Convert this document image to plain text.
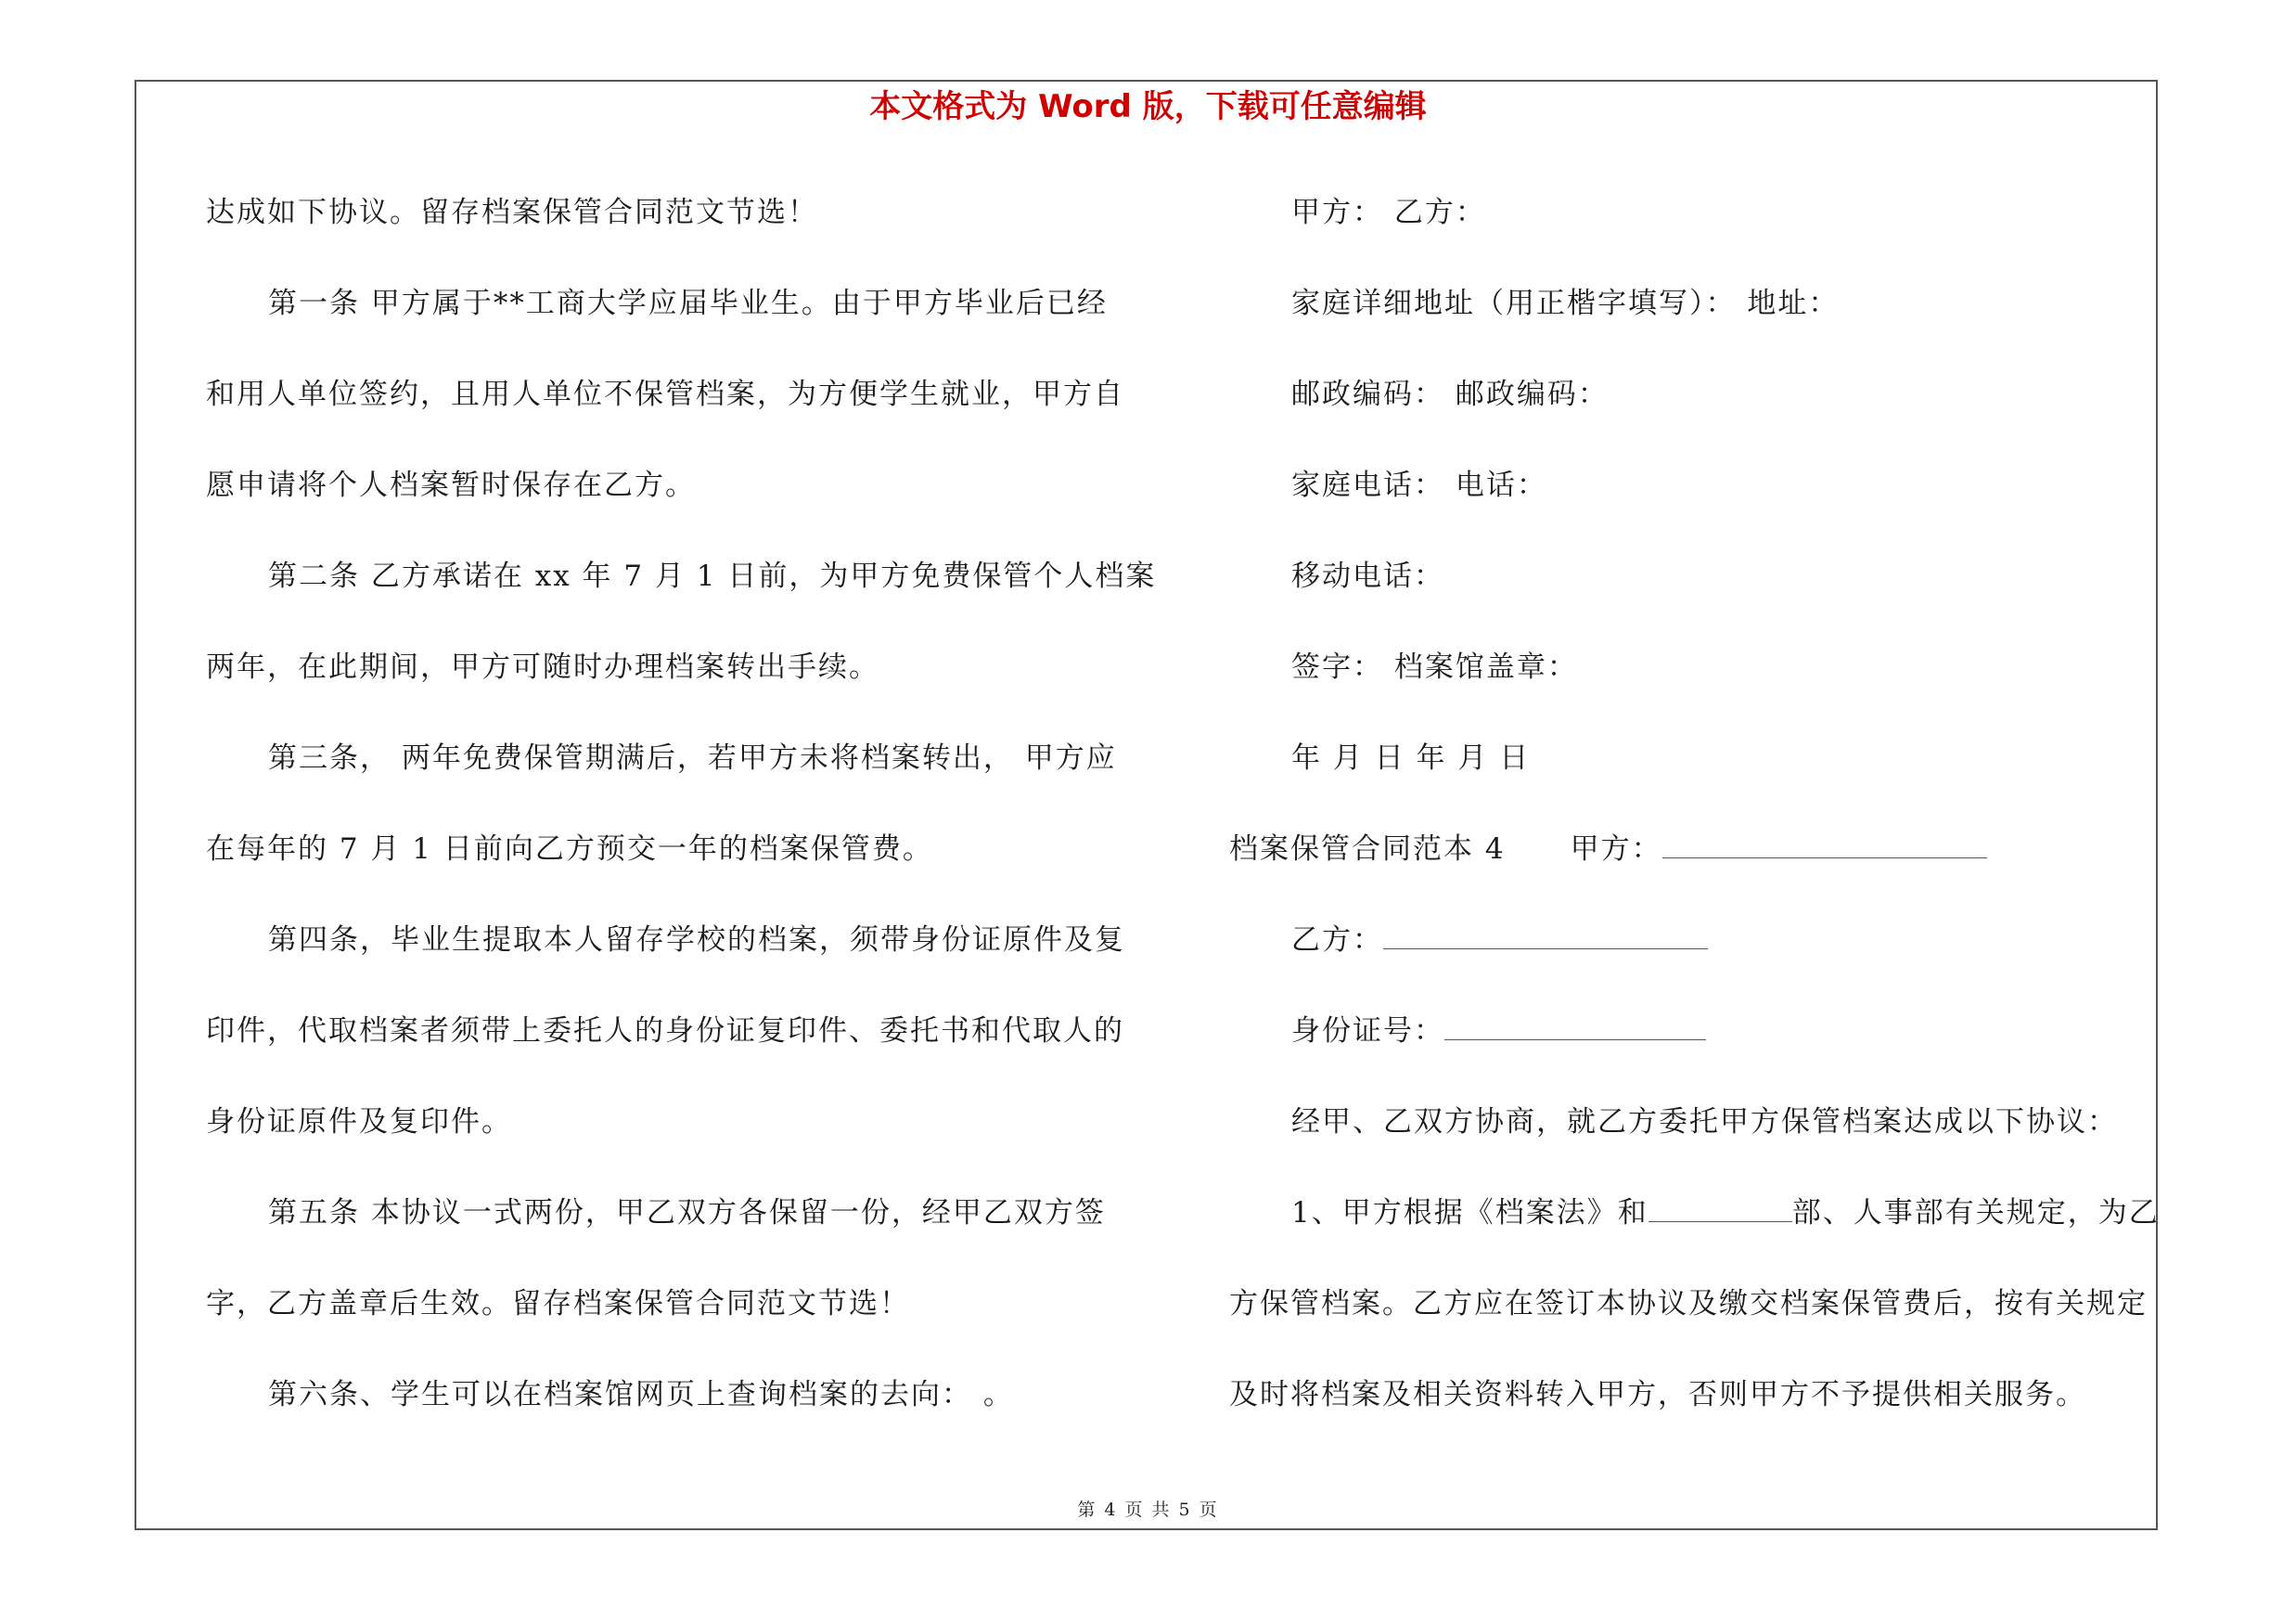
本文格式为 Word 版，下载可任意编辑
达成如下协议。留存档案保管合同范文节选！
第一条 甲方属于**工商大学应届毕业生。由于甲方毕业后已经
和用人单位签约，且用人单位不保管档案，为方便学生就业，甲方自
愿申请将个人档案暂时保存在乙方。
第二条 乙方承诺在 xx 年 7 月 1 日前，为甲方免费保管个人档案
两年，在此期间，甲方可随时办理档案转出手续。
第三条， 两年免费保管期满后，若甲方未将档案转出， 甲方应
在每年的 7 月 1 日前向乙方预交一年的档案保管费。
第四条，毕业生提取本人留存学校的档案，须带身份证原件及复
印件，代取档案者须带上委托人的身份证复印件、委托书和代取人的
身份证原件及复印件。
第五条 本协议一式两份，甲乙双方各保留一份，经甲乙双方签
字，乙方盖章后生效。留存档案保管合同范文节选！
第六条、学生可以在档案馆网页上查询档案的去向： 。
甲方： 乙方：
家庭详细地址（用正楷字填写）： 地址：
邮政编码： 邮政编码：
家庭电话： 电话：
移动电话：
签字： 档案馆盖章：
年 月 日 年 月 日
档案保管合同范本 4 甲方：
乙方：
身份证号：
经甲、乙双方协商，就乙方委托甲方保管档案达成以下协议：
1、甲方根据《档案法》和	部、人事部有关规定，为乙
方保管档案。乙方应在签订本协议及缴交档案保管费后，按有关规定
及时将档案及相关资料转入甲方，否则甲方不予提供相关服务。
第 4 页 共 5 页
